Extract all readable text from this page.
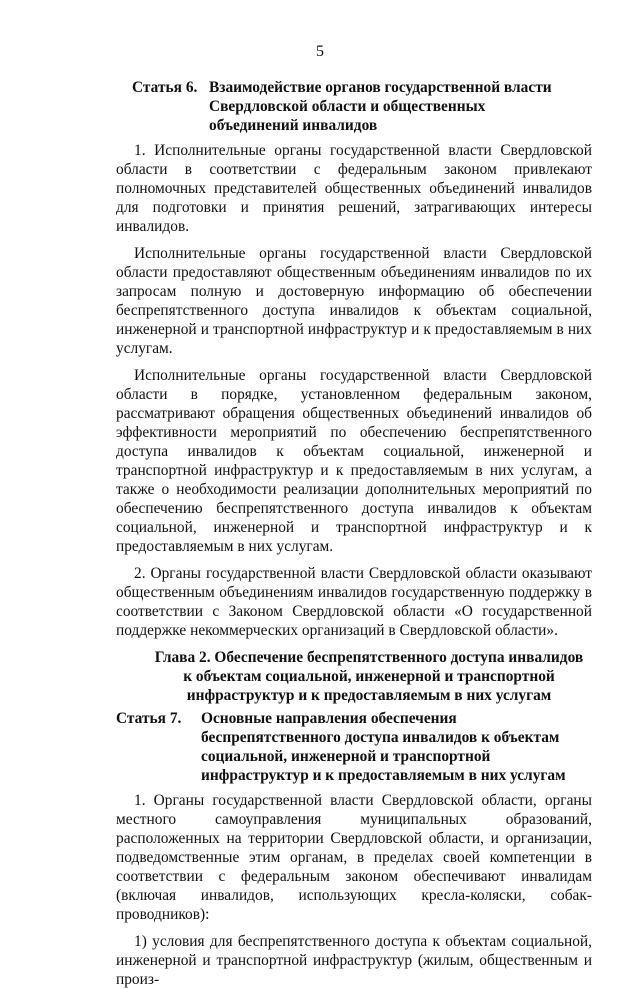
5
Статья 6. Взаимодействие органов государственной власти Свердловской области и общественных объединений инвалидов

1. Исполнительные органы государственной власти Свердловской области в соответствии с федеральным законом привлекают полномочных представителей общественных объединений инвалидов для подготовки и принятия решений, затрагивающих интересы инвалидов.

Исполнительные органы государственной власти Свердловской области предоставляют общественным объединениям инвалидов по их запросам полную и достоверную информацию об обеспечении беспрепятственного доступа инвалидов к объектам социальной, инженерной и транспортной инфраструктур и к предоставляемым в них услугам.

Исполнительные органы государственной власти Свердловской области в порядке, установленном федеральным законом, рассматривают обращения общественных объединений инвалидов об эффективности мероприятий по обеспечению беспрепятственного доступа инвалидов к объектам социальной, инженерной и транспортной инфраструктур и к предоставляемым в них услугам, а также о необходимости реализации дополнительных мероприятий по обеспечению беспрепятственного доступа инвалидов к объектам социальной, инженерной и транспортной инфраструктур и к предоставляемым в них услугам.

2. Органы государственной власти Свердловской области оказывают общественным объединениям инвалидов государственную поддержку в соответствии с Законом Свердловской области «О государственной поддержке некоммерческих организаций в Свердловской области».

Глава 2. Обеспечение беспрепятственного доступа инвалидов
к объектам социальной, инженерной и транспортной
инфраструктур и к предоставляемым в них услугам
Статья 7.	Основные направления обеспечения беспрепятственного доступа инвалидов к объектам социальной, инженерной и транспортной инфраструктур и к предоставляемым в них услугам

1. Органы государственной власти Свердловской области, органы местного самоуправления муниципальных образований, расположенных на территории Свердловской области, и организации, подведомственные этим органам, в пределах своей компетенции в соответствии с федеральным законом обеспечивают инвалидам (включая инвалидов, использующих кресла-коляски, собак-проводников):

1) условия для беспрепятственного доступа к объектам социальной, инженерной и транспортной инфраструктур (жилым, общественным и произ-
